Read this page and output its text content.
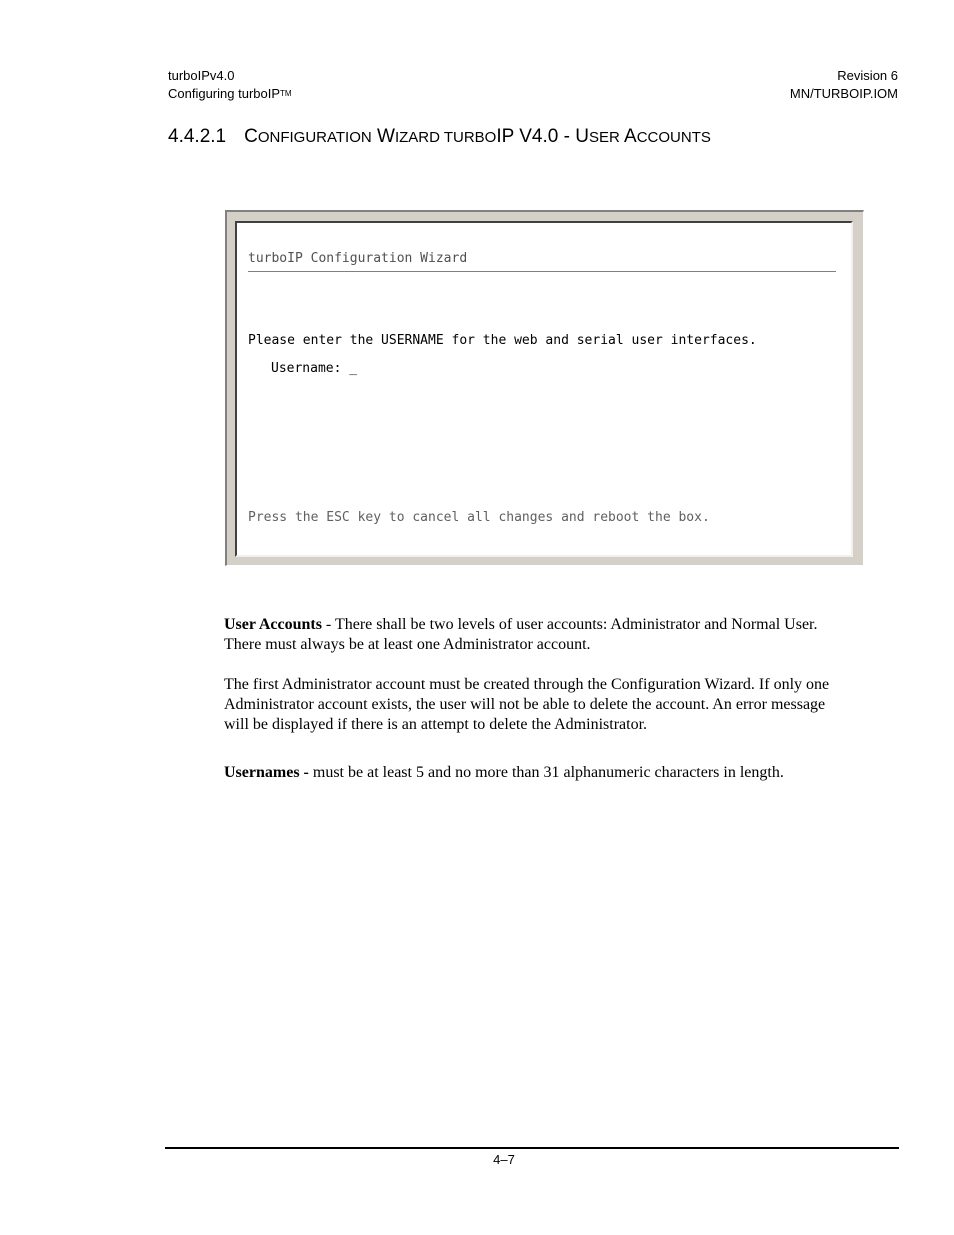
turboIPv4.0
Configuring turboIPTM
Revision 6
MN/TURBOIP.IOM
4.4.2.1 CONFIGURATION WIZARD TURBOIP V4.0 - USER ACCOUNTS
turboIP Configuration Wizard
Please enter the USERNAME for the web and serial user interfaces.
Username: _
Press the ESC key to cancel all changes and reboot the box.
User Accounts - There shall be two levels of user accounts: Administrator and Normal User. There must always be at least one Administrator account.
The first Administrator account must be created through the Configuration Wizard. If only one Administrator account exists, the user will not be able to delete the account. An error message will be displayed if there is an attempt to delete the Administrator.
Usernames - must be at least 5 and no more than 31 alphanumeric characters in length.
4–7
